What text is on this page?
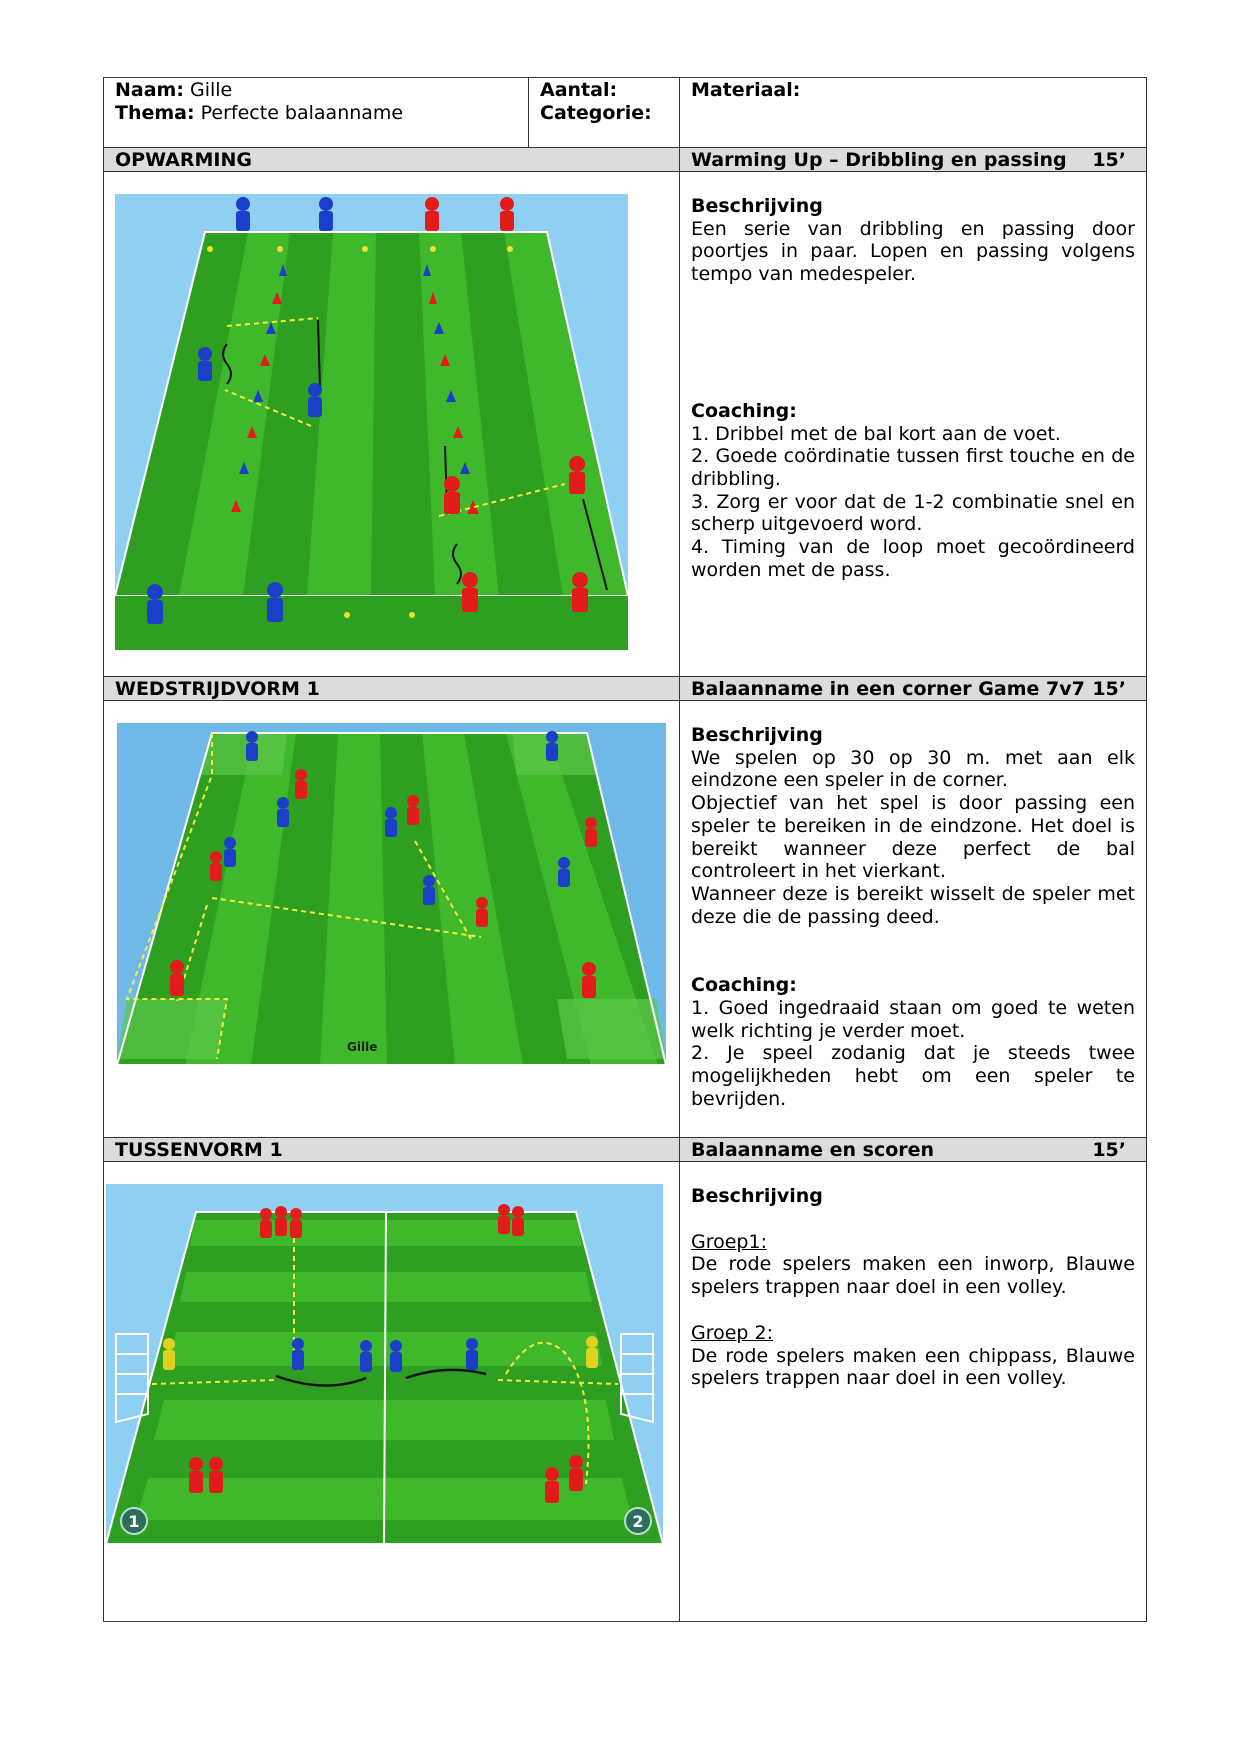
Naam: Gille
Thema: Perfecte balaanname
Aantal:
Categorie:
Materiaal:
OPWARMING	Warming Up – Dribbling en passing 15’
Beschrijving
Een serie van dribbling en passing door poortjes in paar. Lopen en passing volgens tempo van medespeler.
Coaching:
1. Dribbel met de bal kort aan de voet.
2. Goede coördinatie tussen first touche en de dribbling.
3. Zorg er voor dat de 1-2 combinatie snel en scherp uitgevoerd word.
4. Timing van de loop moet gecoördineerd worden met de pass.
WEDSTRIJDVORM 1	Balaanname in een corner Game 7v7 15’
Gille
Beschrijving
We spelen op 30 op 30 m. met aan elk eindzone een speler in de corner.
Objectief van het spel is door passing een speler te bereiken in de eindzone. Het doel is bereikt wanneer deze perfect de bal controleert in het vierkant.
Wanneer deze is bereikt wisselt de speler met deze die de passing deed.
Coaching:
1. Goed ingedraaid staan om goed te weten welk richting je verder moet.
2. Je speel zodanig dat je steeds twee mogelijkheden hebt om een speler te bevrijden.
TUSSENVORM 1	Balaanname en scoren	15’
1	2
Beschrijving
Groep1:
De rode spelers maken een inworp, Blauwe spelers trappen naar doel in een volley.
Groep 2:
De rode spelers maken een chippass, Blauwe spelers trappen naar doel in een volley.
